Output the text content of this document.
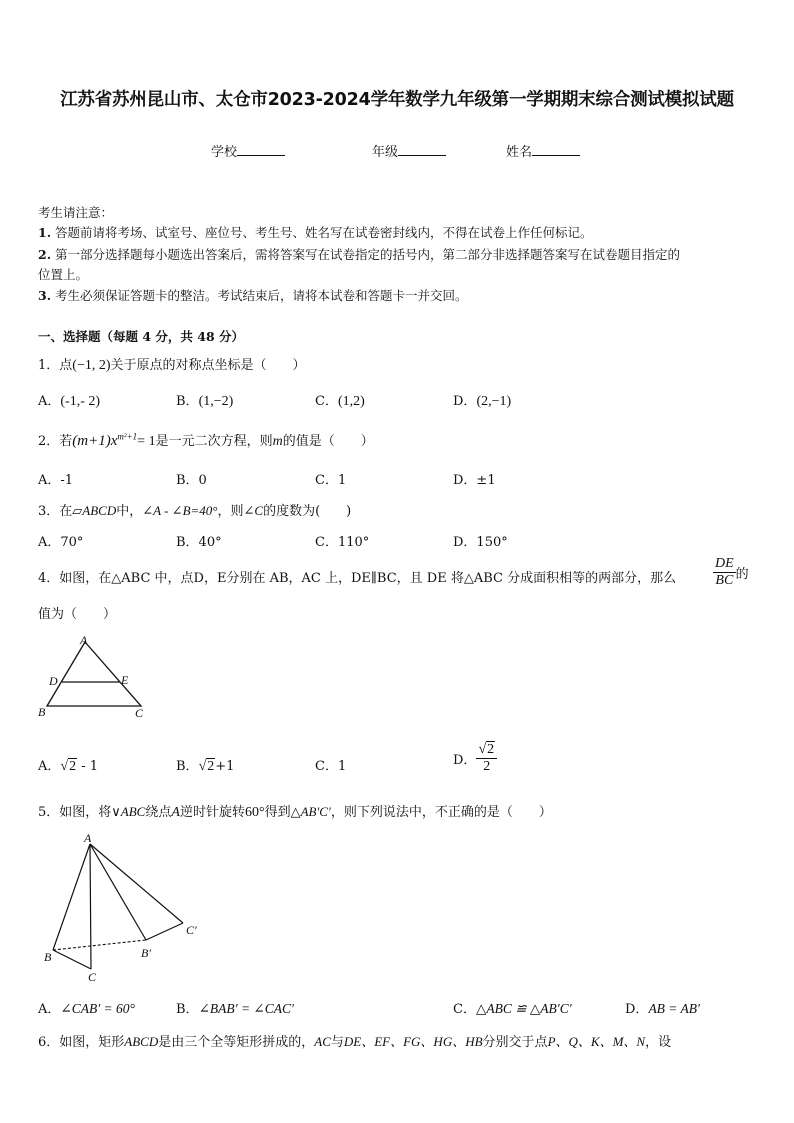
江苏省苏州昆山市、太仓市2023-2024学年数学九年级第一学期期末综合测试模拟试题
学校	年级	姓名
考生请注意：
1. 答题前请将考场、试室号、座位号、考生号、姓名写在试卷密封线内，不得在试卷上作任何标记。
2. 第一部分选择题每小题选出答案后，需将答案写在试卷指定的括号内，第二部分非选择题答案写在试卷题目指定的
位置上。
3. 考生必须保证答题卡的整洁。考试结束后，请将本试卷和答题卡一并交回。
一、选择题（每题 4 分，共 48 分）
1．点(−1, 2)关于原点的对称点坐标是（　　）
A．(-1,- 2)	B．(1,−2)	C．(1,2)	D．(2,−1)
2．若$(m+1)x^{m^2+1}= 1$是一元二次方程，则m的值是（　　）
A．-1	B．0	C．1	D．±1
3．在▱ABCD中，∠A - ∠B=40°，则∠C的度数为(　　)
A．70°	B．40°	C．110°	D．150°
4．如图，在△ABC 中，点D，E分别在 AB，AC 上，DE∥BC，且 DE 将△ABC 分成面积相等的两部分，那么	$\frac{DE}{BC}$ 的
值为（　　）
A
D	E
B	C
A．√2 - 1	B．√2+1	C．1	D． $\frac{√2}{2}$
5．如图，将∨ABC绕点A逆时针旋转60°得到△AB′C′，则下列说法中，不正确的是（　　）
A
B
C
B′
C′
A．∠CAB′ = 60°	B．∠BAB′ = ∠CAC′	C．△ABC ≌ △AB′C′	D．AB = AB′
6．如图，矩形ABCD是由三个全等矩形拼成的，AC与DE、EF、FG、HG、HB分别交于点P、Q、K、M、N，设
